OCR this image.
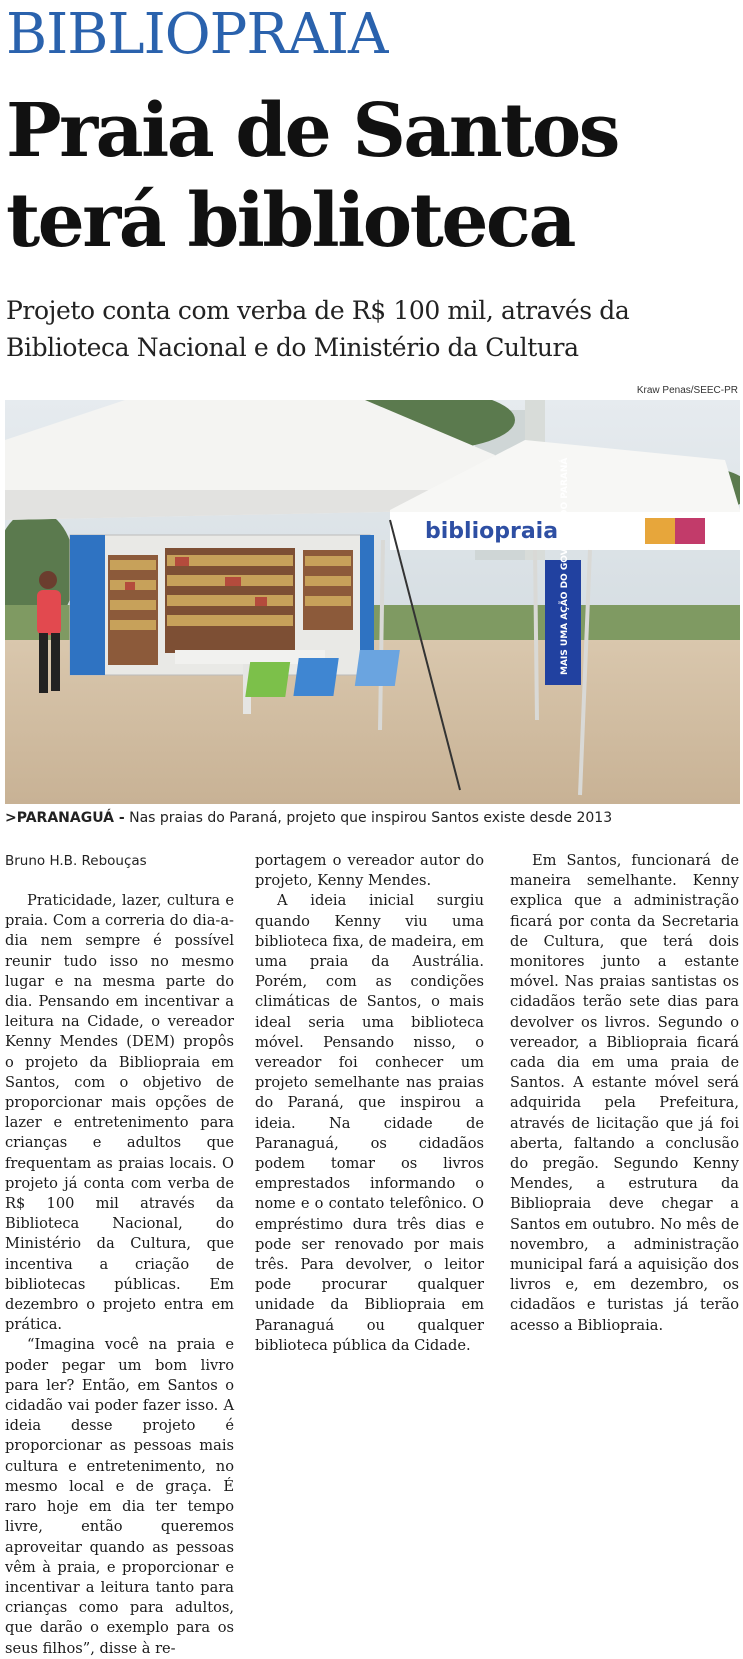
BIBLIOPRAIA
Praia de Santos
terá biblioteca

Projeto conta com verba de R$ 100 mil, através da Biblioteca Nacional e do Ministério da Cultura

Kraw Penas/SEEC-PR
bibliopraia MAIS UMA AÇÃO DO GOVERNO DO PARANÁ
>PARANAGUÁ - Nas praias do Paraná, projeto que inspirou Santos existe desde 2013
Bruno H.B. Rebouças

Praticidade, lazer, cultura e praia. Com a correria do dia-a-dia nem sempre é possível reunir tudo isso no mesmo lugar e na mesma parte do dia. Pensando em incentivar a leitura na Cidade, o vereador Kenny Mendes (DEM) propôs o projeto da Bibliopraia em Santos, com o objetivo de proporcionar mais opções de lazer e entretenimento para crianças e adultos que frequentam as praias locais. O projeto já conta com verba de R$ 100 mil através da Biblioteca Nacional, do Ministério da Cultura, que incentiva a criação de bibliotecas públicas. Em dezembro o projeto entra em prática.

“Imagina você na praia e poder pegar um bom livro para ler? Então, em Santos o cidadão vai poder fazer isso. A ideia desse projeto é proporcionar as pessoas mais cultura e entretenimento, no mesmo local e de graça. É raro hoje em dia ter tempo livre, então queremos aproveitar quando as pessoas vêm à praia, e proporcionar e incentivar a leitura tanto para crianças como para adultos, que darão o exemplo para os seus filhos”, disse à re-

portagem o vereador autor do projeto, Kenny Mendes.

A ideia inicial surgiu quando Kenny viu uma biblioteca fixa, de madeira, em uma praia da Austrália. Porém, com as condições climáticas de Santos, o mais ideal seria uma biblioteca móvel. Pensando nisso, o vereador foi conhecer um projeto semelhante nas praias do Paraná, que inspirou a ideia. Na cidade de Paranaguá, os cidadãos podem tomar os livros emprestados informando o nome e o contato telefônico. O empréstimo dura três dias e pode ser renovado por mais três. Para devolver, o leitor pode procurar qualquer unidade da Bibliopraia em Paranaguá ou qualquer biblioteca pública da Cidade.

Em Santos, funcionará de maneira semelhante. Kenny explica que a administração ficará por conta da Secretaria de Cultura, que terá dois monitores junto a estante móvel. Nas praias santistas os cidadãos terão sete dias para devolver os livros. Segundo o vereador, a Bibliopraia ficará cada dia em uma praia de Santos. A estante móvel será adquirida pela Prefeitura, através de licitação que já foi aberta, faltando a conclusão do pregão. Segundo Kenny Mendes, a estrutura da Bibliopraia deve chegar a Santos em outubro. No mês de novembro, a administração municipal fará a aquisição dos livros e, em dezembro, os cidadãos e turistas já terão acesso a Bibliopraia.
